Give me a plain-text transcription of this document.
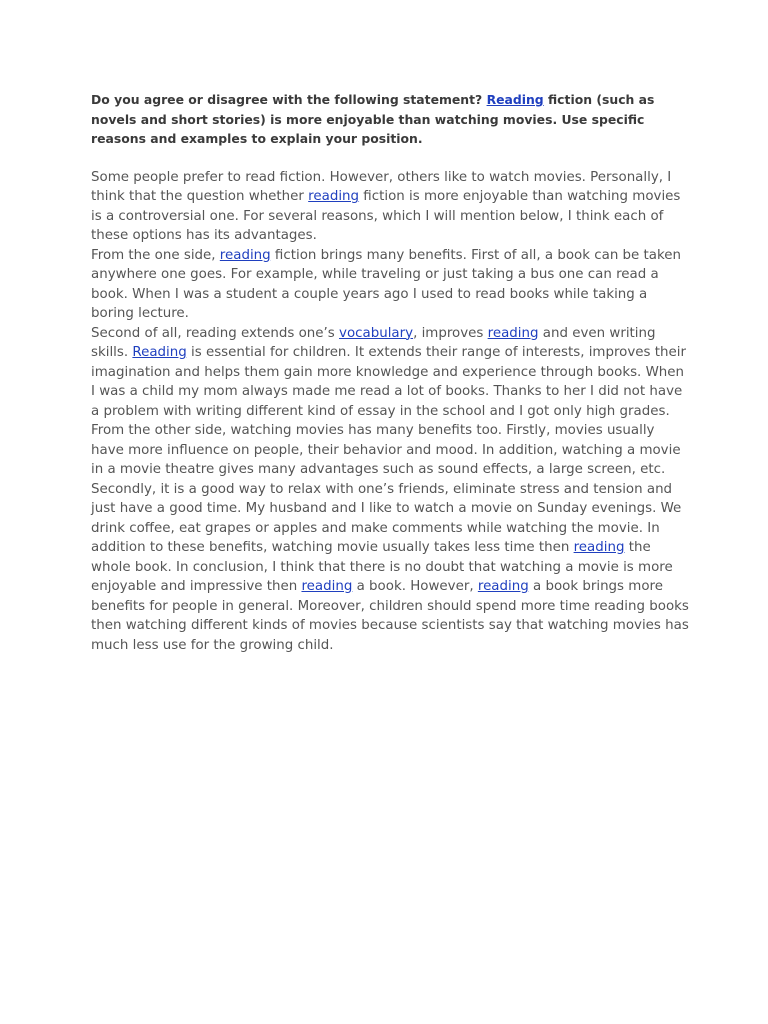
Do you agree or disagree with the following statement? Reading fiction (such as novels and short stories) is more enjoyable than watching movies. Use specific reasons and examples to explain your position.

Some people prefer to read fiction. However, others like to watch movies. Personally, I think that the question whether reading fiction is more enjoyable than watching movies is a controversial one. For several reasons, which I will mention below, I think each of these options has its advantages.

From the one side, reading fiction brings many benefits. First of all, a book can be taken anywhere one goes. For example, while traveling or just taking a bus one can read a book. When I was a student a couple years ago I used to read books while taking a boring lecture.

Second of all, reading extends one’s vocabulary, improves reading and even writing skills. Reading is essential for children. It extends their range of interests, improves their imagination and helps them gain more knowledge and experience through books. When I was a child my mom always made me read a lot of books. Thanks to her I did not have a problem with writing different kind of essay in the school and I got only high grades.

From the other side, watching movies has many benefits too. Firstly, movies usually have more influence on people, their behavior and mood. In addition, watching a movie in a movie theatre gives many advantages such as sound effects, a large screen, etc. Secondly, it is a good way to relax with one’s friends, eliminate stress and tension and just have a good time. My husband and I like to watch a movie on Sunday evenings. We drink coffee, eat grapes or apples and make comments while watching the movie. In addition to these benefits, watching movie usually takes less time then reading the whole book. In conclusion, I think that there is no doubt that watching a movie is more enjoyable and impressive then reading a book. However, reading a book brings more benefits for people in general. Moreover, children should spend more time reading books then watching different kinds of movies because scientists say that watching movies has much less use for the growing child.
